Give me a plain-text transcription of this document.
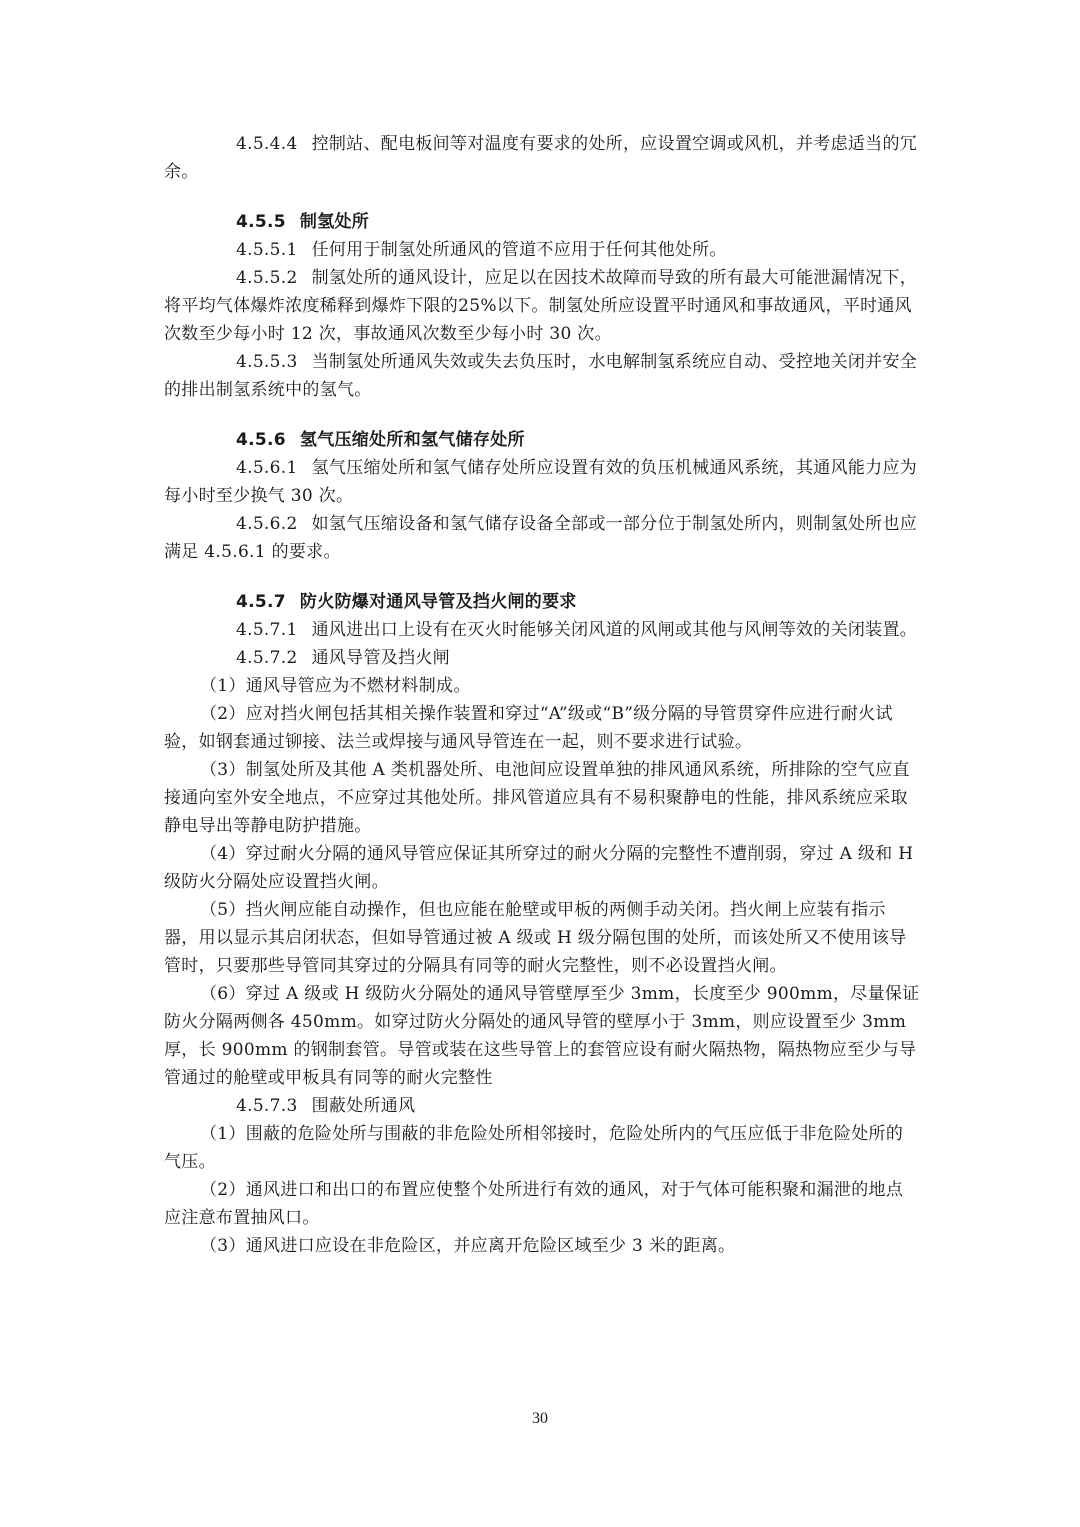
4.5.4.4 控制站、配电板间等对温度有要求的处所，应设置空调或风机，并考虑适当的冗余。

4.5.5 制氢处所

4.5.5.1 任何用于制氢处所通风的管道不应用于任何其他处所。

4.5.5.2 制氢处所的通风设计，应足以在因技术故障而导致的所有最大可能泄漏情况下，将平均气体爆炸浓度稀释到爆炸下限的25%以下。制氢处所应设置平时通风和事故通风，平时通风次数至少每小时 12 次，事故通风次数至少每小时 30 次。

4.5.5.3 当制氢处所通风失效或失去负压时，水电解制氢系统应自动、受控地关闭并安全的排出制氢系统中的氢气。

4.5.6 氢气压缩处所和氢气储存处所

4.5.6.1 氢气压缩处所和氢气储存处所应设置有效的负压机械通风系统，其通风能力应为每小时至少换气 30 次。

4.5.6.2 如氢气压缩设备和氢气储存设备全部或一部分位于制氢处所内，则制氢处所也应满足 4.5.6.1 的要求。

4.5.7 防火防爆对通风导管及挡火闸的要求

4.5.7.1 通风进出口上设有在灭火时能够关闭风道的风闸或其他与风闸等效的关闭装置。

4.5.7.2 通风导管及挡火闸

（1）通风导管应为不燃材料制成。

（2）应对挡火闸包括其相关操作装置和穿过“A”级或“B”级分隔的导管贯穿件应进行耐火试验，如钢套通过铆接、法兰或焊接与通风导管连在一起，则不要求进行试验。

（3）制氢处所及其他 A 类机器处所、电池间应设置单独的排风通风系统，所排除的空气应直接通向室外安全地点，不应穿过其他处所。排风管道应具有不易积聚静电的性能，排风系统应采取静电导出等静电防护措施。

（4）穿过耐火分隔的通风导管应保证其所穿过的耐火分隔的完整性不遭削弱，穿过 A 级和 H 级防火分隔处应设置挡火闸。

（5）挡火闸应能自动操作，但也应能在舱壁或甲板的两侧手动关闭。挡火闸上应装有指示器，用以显示其启闭状态，但如导管通过被 A 级或 H 级分隔包围的处所，而该处所又不使用该导管时，只要那些导管同其穿过的分隔具有同等的耐火完整性，则不必设置挡火闸。

（6）穿过 A 级或 H 级防火分隔处的通风导管壁厚至少 3mm，长度至少 900mm，尽量保证防火分隔两侧各 450mm。如穿过防火分隔处的通风导管的壁厚小于 3mm，则应设置至少 3mm 厚，长 900mm 的钢制套管。导管或装在这些导管上的套管应设有耐火隔热物，隔热物应至少与导管通过的舱壁或甲板具有同等的耐火完整性

4.5.7.3 围蔽处所通风

（1）围蔽的危险处所与围蔽的非危险处所相邻接时，危险处所内的气压应低于非危险处所的气压。

（2）通风进口和出口的布置应使整个处所进行有效的通风，对于气体可能积聚和漏泄的地点应注意布置抽风口。

（3）通风进口应设在非危险区，并应离开危险区域至少 3 米的距离。

30
